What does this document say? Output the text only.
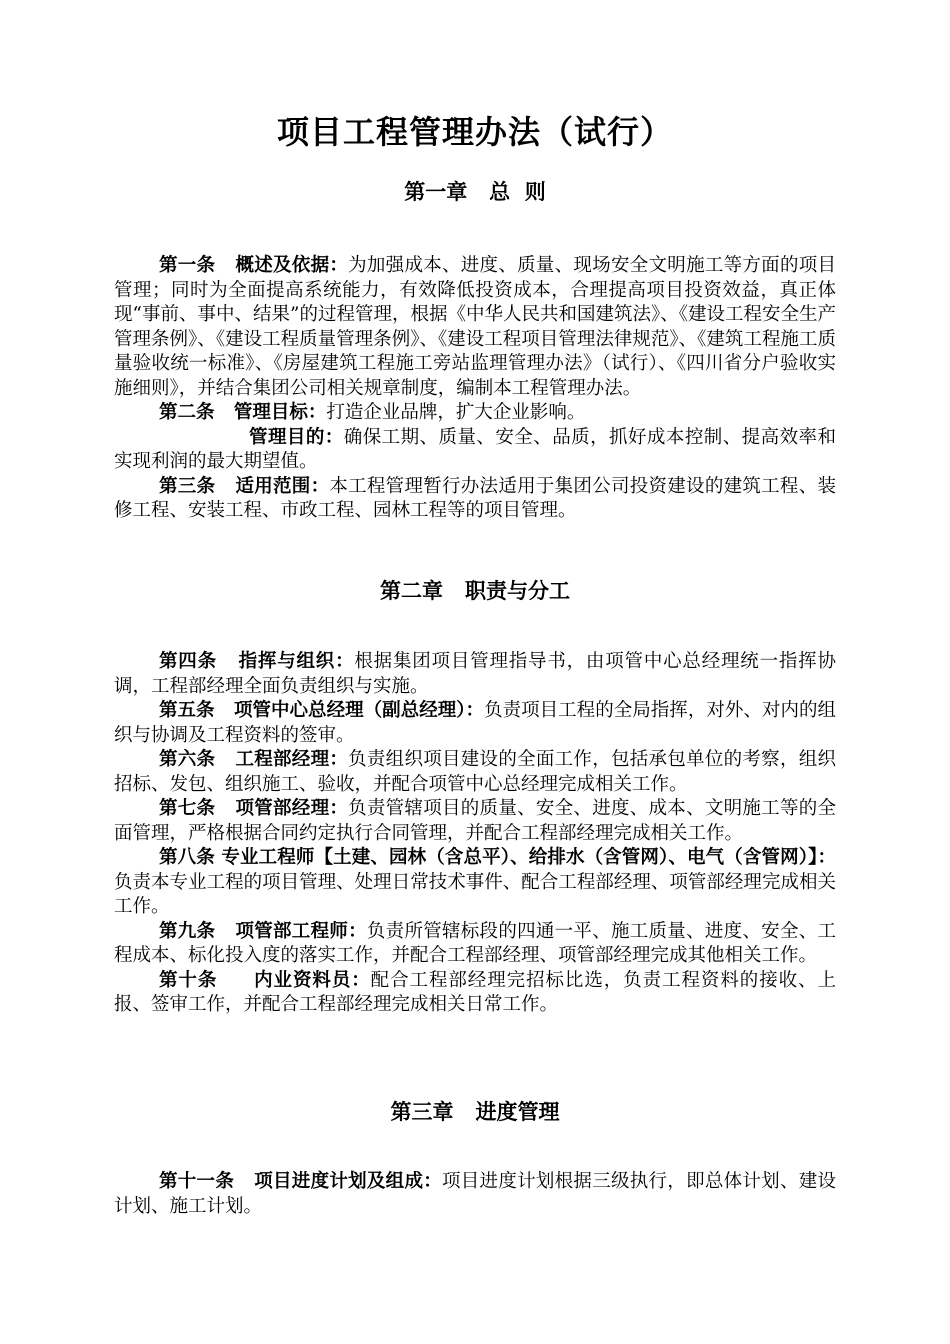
项目工程管理办法（试行）
第一章   总  则

第一条   概述及依据：为加强成本、进度、质量、现场安全文明施工等方面的项目管理；同时为全面提高系统能力，有效降低投资成本，合理提高项目投资效益，真正体现“事前、事中、结果”的过程管理，根据《中华人民共和国建筑法》、《建设工程安全生产管理条例》、《建设工程质量管理条例》、《建设工程项目管理法律规范》、《建筑工程施工质量验收统一标准》、《房屋建筑工程施工旁站监理管理办法》（试行）、《四川省分户验收实施细则》，并结合集团公司相关规章制度，编制本工程管理办法。

第二条   管理目标：打造企业品牌，扩大企业影响。

管理目的：确保工期、质量、安全、品质，抓好成本控制、提高效率和实现利润的最大期望值。

第三条   适用范围：本工程管理暂行办法适用于集团公司投资建设的建筑工程、装修工程、安装工程、市政工程、园林工程等的项目管理。

第二章   职责与分工

第四条   指挥与组织：根据集团项目管理指导书，由项管中心总经理统一指挥协调，工程部经理全面负责组织与实施。

第五条   项管中心总经理（副总经理）：负责项目工程的全局指挥，对外、对内的组织与协调及工程资料的签审。

第六条   工程部经理：负责组织项目建设的全面工作，包括承包单位的考察，组织招标、发包、组织施工、验收，并配合项管中心总经理完成相关工作。

第七条   项管部经理：负责管辖项目的质量、安全、进度、成本、文明施工等的全面管理，严格根据合同约定执行合同管理，并配合工程部经理完成相关工作。

第八条 专业工程师【土建、园林（含总平）、给排水（含管网）、电气（含管网）】：负责本专业工程的项目管理、处理日常技术事件、配合工程部经理、项管部经理完成相关工作。

第九条   项管部工程师：负责所管辖标段的四通一平、施工质量、进度、安全、工程成本、标化投入度的落实工作，并配合工程部经理、项管部经理完成其他相关工作。

第十条     内业资料员：配合工程部经理完招标比选，负责工程资料的接收、上报、签审工作，并配合工程部经理完成相关日常工作。

第三章   进度管理

第十一条   项目进度计划及组成：项目进度计划根据三级执行，即总体计划、建设计划、施工计划。
